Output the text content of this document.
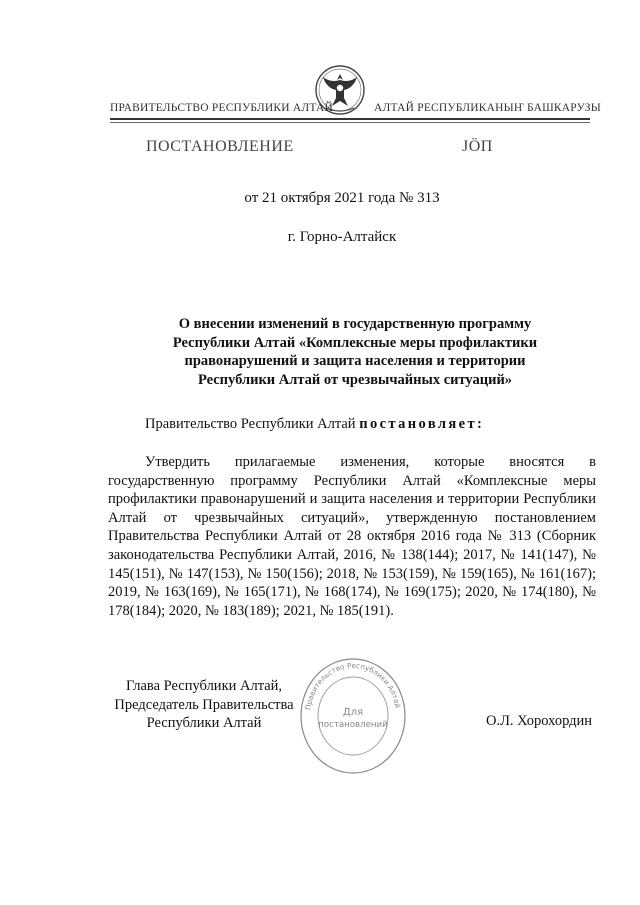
ПРАВИТЕЛЬСТВО РЕСПУБЛИКИ АЛТАЙ	АЛТАЙ РЕСПУБЛИКАНЫҤ БАШКАРУЗЫ
ПОСТАНОВЛЕНИЕ	ЈӦП
от 21 октября 2021 года № 313
г. Горно-Алтайск
О внесении изменений в государственную программу Республики Алтай «Комплексные меры профилактики правонарушений и защита населения и территории Республики Алтай от чрезвычайных ситуаций»
Правительство Республики Алтай постановляет:
Утвердить прилагаемые изменения, которые вносятся в государственную программу Республики Алтай «Комплексные меры профилактики правонарушений и защита населения и территории Республики Алтай от чрезвычайных ситуаций», утвержденную постановлением Правительства Республики Алтай от 28 октября 2016 года № 313 (Сборник законодательства Республики Алтай, 2016, № 138(144); 2017, № 141(147), № 145(151), № 147(153), № 150(156); 2018, № 153(159), № 159(165), № 161(167); 2019, № 163(169), № 165(171), № 168(174), № 169(175); 2020, № 174(180), № 178(184); 2020, № 183(189); 2021, № 185(191).
Глава Республики Алтай,
Председатель Правительства
Республики Алтай
Правительство Республики Алтай
Для
постановлений	О.Л. Хорохордин
